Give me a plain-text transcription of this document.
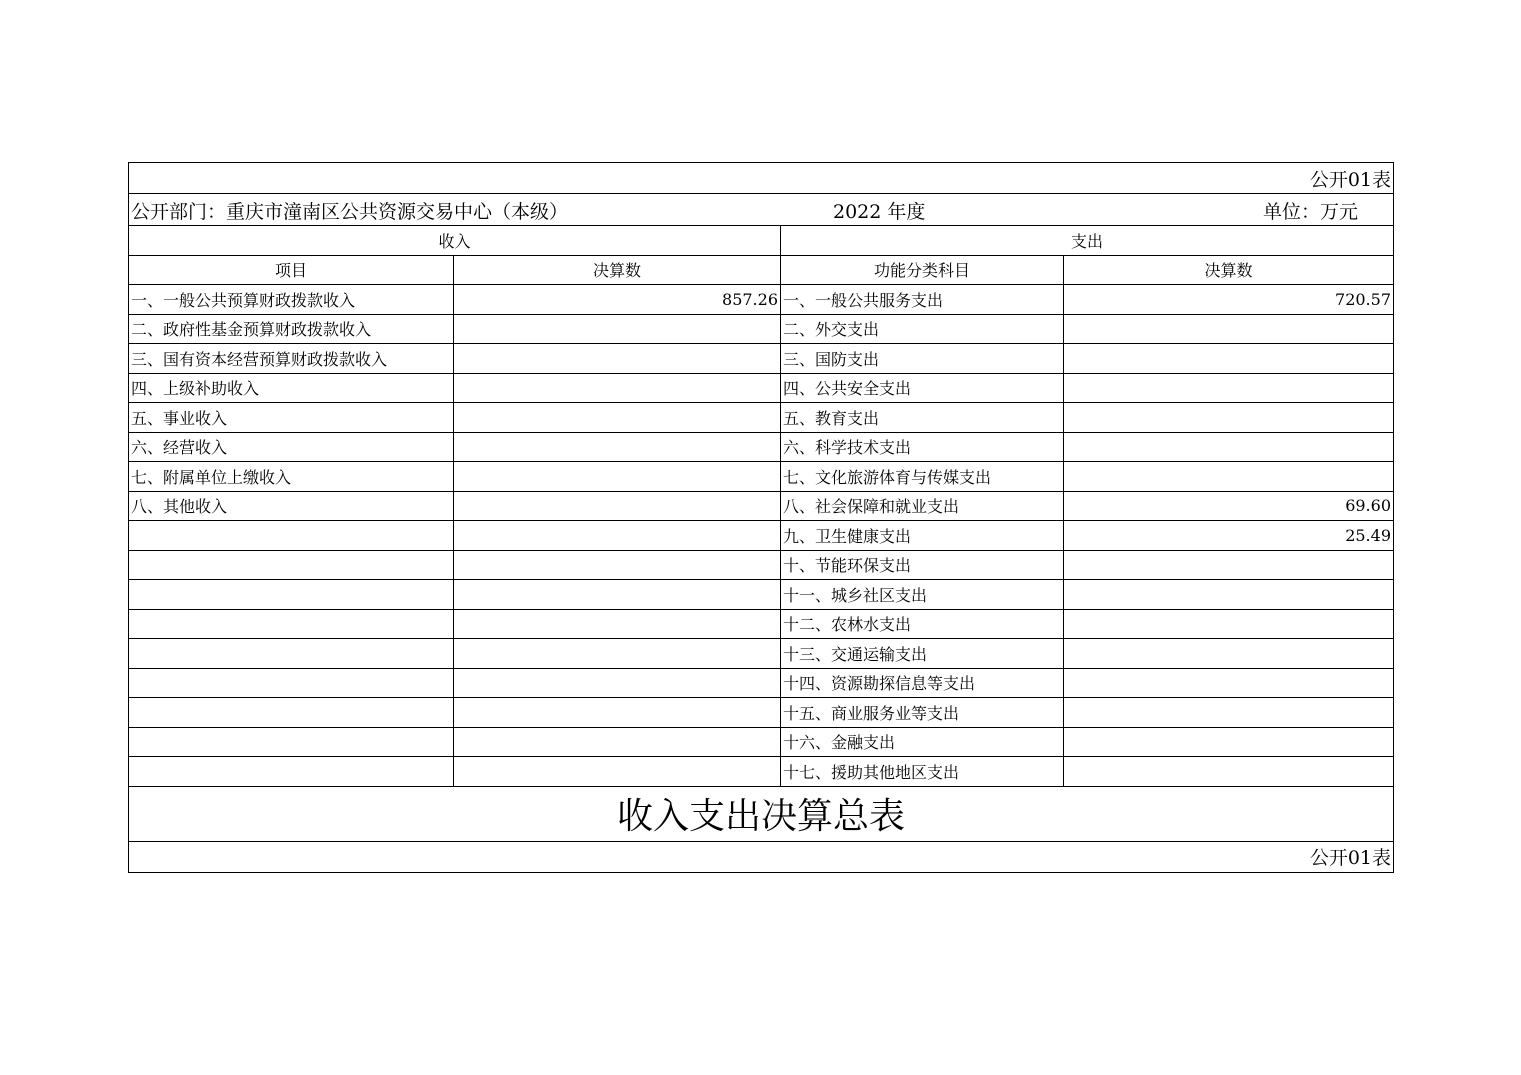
公开01表			

公开部门：重庆市潼南区公共资源交易中心（本级） 2022 年度 单位：万元			

收入		支出	
项目	决算数	功能分类科目	决算数
一、一般公共预算财政拨款收入	857.26	一、一般公共服务支出	720.57
二、政府性基金预算财政拨款收入		二、外交支出	
三、国有资本经营预算财政拨款收入		三、国防支出	
四、上级补助收入		四、公共安全支出	
五、事业收入		五、教育支出	
六、经营收入		六、科学技术支出	
七、附属单位上缴收入		七、文化旅游体育与传媒支出	
八、其他收入		八、社会保障和就业支出	69.60
		九、卫生健康支出	25.49
		十、节能环保支出	
		十一、城乡社区支出	
		十二、农林水支出	
		十三、交通运输支出	
		十四、资源勘探信息等支出	
		十五、商业服务业等支出	
		十六、金融支出	
		十七、援助其他地区支出	
收入支出决算总表			
公开01表			
